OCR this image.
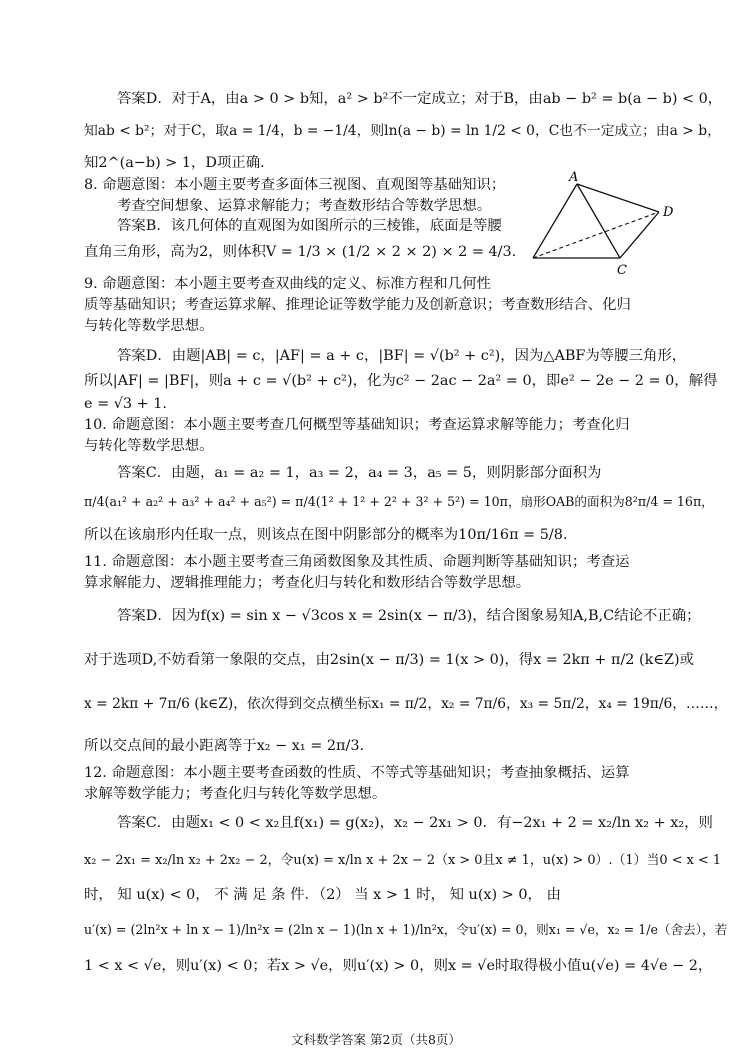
答案D．对于A，由a > 0 > b知，a² > b²不一定成立；对于B，由ab − b² = b(a − b) < 0，
知ab < b²；对于C，取a = 1/4，b = −1/4，则ln(a − b) = ln 1/2 < 0，C也不一定成立；由a > b，
知2^(a−b) > 1，D项正确.
8. 命题意图：本小题主要考查多面体三视图、直观图等基础知识；
考查空间想象、运算求解能力；考查数形结合等数学思想。
答案B．该几何体的直观图为如图所示的三棱锥，底面是等腰
直角三角形，高为2，则体积V = 1/3 × (1/2 × 2 × 2) × 2 = 4/3.
9. 命题意图：本小题主要考查双曲线的定义、标准方程和几何性
质等基础知识；考查运算求解、推理论证等数学能力及创新意识；考查数形结合、化归
与转化等数学思想。
答案D．由题|AB| = c，|AF| = a + c，|BF| = √(b² + c²)，因为△ABF为等腰三角形，
所以|AF| = |BF|，则a + c = √(b² + c²)，化为c² − 2ac − 2a² = 0，即e² − 2e − 2 = 0，解得
e = √3 + 1.
10. 命题意图：本小题主要考查几何概型等基础知识；考查运算求解等能力；考查化归
与转化等数学思想。
答案C．由题，a₁ = a₂ = 1，a₃ = 2，a₄ = 3，a₅ = 5，则阴影部分面积为
π/4(a₁² + a₂² + a₃² + a₄² + a₅²) = π/4(1² + 1² + 2² + 3² + 5²) = 10π，扇形OAB的面积为8²π/4 = 16π，
所以在该扇形内任取一点，则该点在图中阴影部分的概率为10π/16π = 5/8.
11. 命题意图：本小题主要考查三角函数图象及其性质、命题判断等基础知识；考查运
算求解能力、逻辑推理能力；考查化归与转化和数形结合等数学思想。
答案D．因为f(x) = sin x − √3cos x = 2sin(x − π/3)，结合图象易知A,B,C结论不正确；
对于选项D,不妨看第一象限的交点，由2sin(x − π/3) = 1(x > 0)，得x = 2kπ + π/2 (k∈Z)或
x = 2kπ + 7π/6 (k∈Z)，依次得到交点横坐标x₁ = π/2，x₂ = 7π/6，x₃ = 5π/2，x₄ = 19π/6，……，
所以交点间的最小距离等于x₂ − x₁ = 2π/3.
12. 命题意图：本小题主要考查函数的性质、不等式等基础知识；考查抽象概括、运算
求解等数学能力；考查化归与转化等数学思想。
答案C．由题x₁ < 0 < x₂且f(x₁) = g(x₂)，x₂ − 2x₁ > 0．有−2x₁ + 2 = x₂/ln x₂ + x₂，则
x₂ − 2x₁ = x₂/ln x₂ + 2x₂ − 2，令u(x) = x/ln x + 2x − 2（x > 0且x ≠ 1，u(x) > 0）.（1）当0 < x < 1
时， 知 u(x) < 0， 不 满 足 条 件．（2） 当 x > 1 时， 知 u(x) > 0， 由
u′(x) = (2ln²x + ln x − 1)/ln²x = (2ln x − 1)(ln x + 1)/ln²x，令u′(x) = 0，则x₁ = √e，x₂ = 1/e（舍去），若
1 < x < √e，则u′(x) < 0；若x > √e，则u′(x) > 0，则x = √e时取得极小值u(√e) = 4√e − 2，
A
D
C
文科数学答案 第2页（共8页）
